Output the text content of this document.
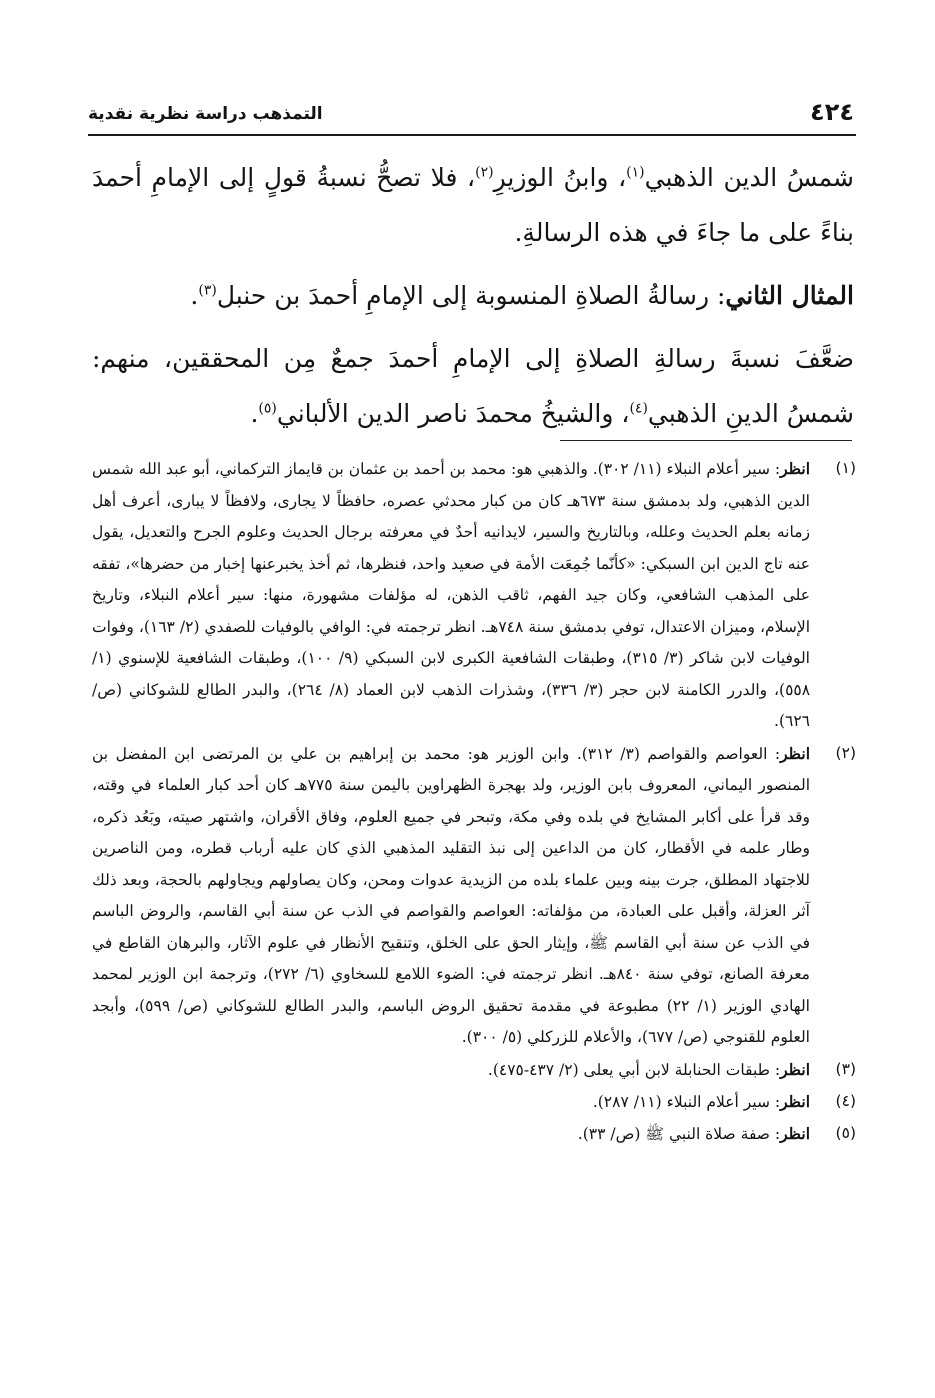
٤٢٤
التمذهب دراسة نظرية نقدية

شمسُ الدين الذهبي$^{(١)}$، وابنُ الوزيرِ$^{(٢)}$، فلا تصحُّ نسبةُ قولٍ إلى الإمامِ أحمدَ بناءً على ما جاءَ في هذه الرسالةِ.

المثال الثاني: رسالةُ الصلاةِ المنسوبة إلى الإمامِ أحمدَ بن حنبل$^{(٣)}$.

ضعَّفَ نسبةَ رسالةِ الصلاةِ إلى الإمامِ أحمدَ جمعٌ مِن المحققين، منهم: شمسُ الدينِ الذهبي$^{(٤)}$، والشيخُ محمدَ ناصر الدين الألباني$^{(٥)}$.

(١)
انظر: سير أعلام النبلاء (١١/ ٣٠٢). والذهبي هو: محمد بن أحمد بن عثمان بن قايماز التركماني، أبو عبد الله شمس الدين الذهبي، ولد بدمشق سنة ٦٧٣هـ كان من كبار محدثي عصره، حافظاً لا يجارى، ولافظاً لا يبارى، أعرف أهل زمانه بعلم الحديث وعلله، وبالتاريخ والسير، لايدانيه أحدٌ في معرفته برجال الحديث وعلوم الجرح والتعديل، يقول عنه تاج الدين ابن السبكي: «كأنّما جُمِعَت الأمة في صعيد واحد، فنظرها، ثم أخذ يخبرعنها إخبار من حضرها»، تفقه على المذهب الشافعي، وكان جيد الفهم، ثاقب الذهن، له مؤلفات مشهورة، منها: سير أعلام النبلاء، وتاريخ الإسلام، وميزان الاعتدال، توفي بدمشق سنة ٧٤٨هـ. انظر ترجمته في: الوافي بالوفيات للصفدي (٢/ ١٦٣)، وفوات الوفيات لابن شاكر (٣/ ٣١٥)، وطبقات الشافعية الكبرى لابن السبكي (٩/ ١٠٠)، وطبقات الشافعية للإسنوي (١/ ٥٥٨)، والدرر الكامنة لابن حجر (٣/ ٣٣٦)، وشذرات الذهب لابن العماد (٨/ ٢٦٤)، والبدر الطالع للشوكاني (ص/ ٦٢٦).

(٢)
انظر: العواصم والقواصم (٣/ ٣١٢). وابن الوزير هو: محمد بن إبراهيم بن علي بن المرتضى ابن المفضل بن المنصور اليماني، المعروف بابن الوزير، ولد بهجرة الظهراوين باليمن سنة ٧٧٥هـ كان أحد كبار العلماء في وقته، وقد قرأ على أكابر المشايخ في بلده وفي مكة، وتبحر في جميع العلوم، وفاق الأقران، واشتهر صيته، وبَعُد ذكره، وطار علمه في الأقطار، كان من الداعين إلى نبذ التقليد المذهبي الذي كان عليه أرباب قطره، ومن الناصرين للاجتهاد المطلق، جرت بينه وبين علماء بلده من الزيدية عدوات ومحن، وكان يصاولهم ويجاولهم بالحجة، وبعد ذلك آثر العزلة، وأقبل على العبادة، من مؤلفاته: العواصم والقواصم في الذب عن سنة أبي القاسم، والروض الباسم في الذب عن سنة أبي القاسم ﷺ، وإيثار الحق على الخلق، وتنقيح الأنظار في علوم الآثار، والبرهان القاطع في معرفة الصانع، توفي سنة ٨٤٠هـ. انظر ترجمته في: الضوء اللامع للسخاوي (٦/ ٢٧٢)، وترجمة ابن الوزير لمحمد الهادي الوزير (١/ ٢٢) مطبوعة في مقدمة تحقيق الروض الباسم، والبدر الطالع للشوكاني (ص/ ٥٩٩)، وأبجد العلوم للقنوجي (ص/ ٦٧٧)، والأعلام للزركلي (٥/ ٣٠٠).

(٣)
انظر: طبقات الحنابلة لابن أبي يعلى (٢/ ٤٣٧-٤٧٥).

(٤)
انظر: سير أعلام النبلاء (١١/ ٢٨٧).

(٥)
انظر: صفة صلاة النبي ﷺ (ص/ ٣٣).
